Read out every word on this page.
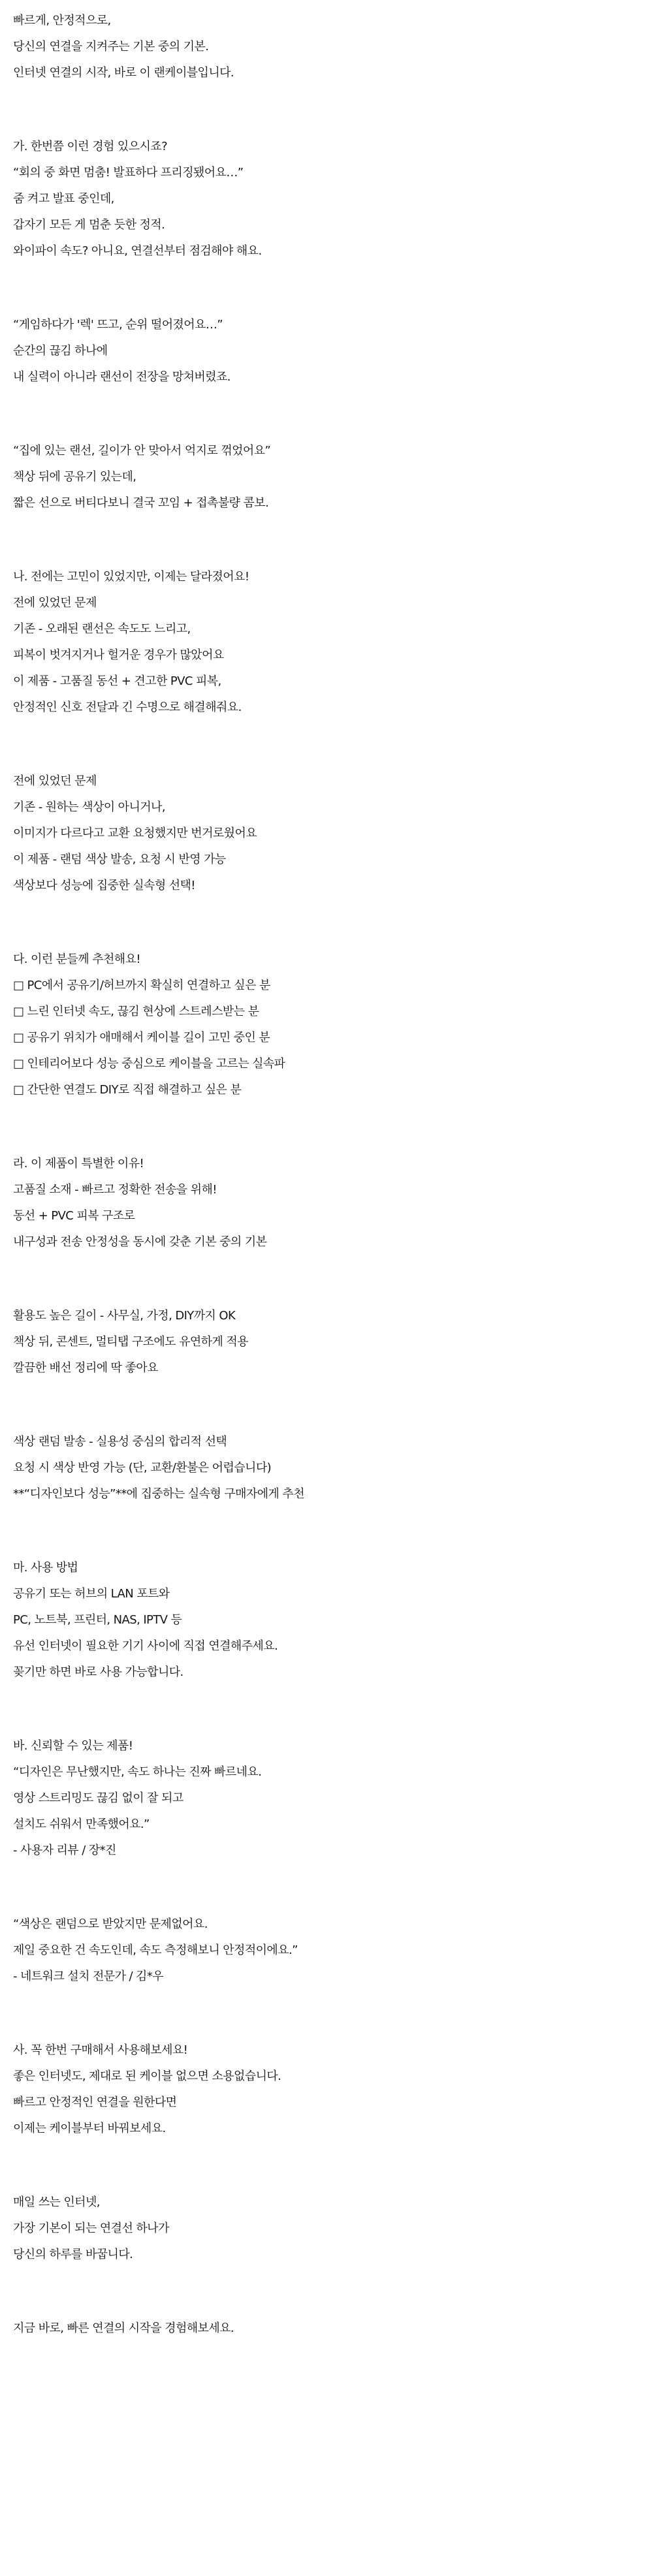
빠르게, 안정적으로,
당신의 연결을 지켜주는 기본 중의 기본.
인터넷 연결의 시작, 바로 이 랜케이블입니다.
가. 한번쯤 이런 경험 있으시죠?
“회의 중 화면 멈춤! 발표하다 프리징됐어요…”
줌 켜고 발표 중인데,
갑자기 모든 게 멈춘 듯한 정적.
와이파이 속도? 아니요, 연결선부터 점검해야 해요.
“게임하다가 '렉' 뜨고, 순위 떨어졌어요…”
순간의 끊김 하나에
내 실력이 아니라 랜선이 전장을 망쳐버렸죠.
“집에 있는 랜선, 길이가 안 맞아서 억지로 꺾었어요”
책상 뒤에 공유기 있는데,
짧은 선으로 버티다보니 결국 꼬임 + 접촉불량 콤보.
나. 전에는 고민이 있었지만, 이제는 달라졌어요!
전에 있었던 문제
기존 - 오래된 랜선은 속도도 느리고,
피복이 벗겨지거나 헐거운 경우가 많았어요
이 제품 - 고품질 동선 + 견고한 PVC 피복,
안정적인 신호 전달과 긴 수명으로 해결해줘요.
전에 있었던 문제
기존 - 원하는 색상이 아니거나,
이미지가 다르다고 교환 요청했지만 번거로웠어요
이 제품 - 랜덤 색상 발송, 요청 시 반영 가능
색상보다 성능에 집중한 실속형 선택!
다. 이런 분들께 추천해요!
□ PC에서 공유기/허브까지 확실히 연결하고 싶은 분
□ 느린 인터넷 속도, 끊김 현상에 스트레스받는 분
□ 공유기 위치가 애매해서 케이블 길이 고민 중인 분
□ 인테리어보다 성능 중심으로 케이블을 고르는 실속파
□ 간단한 연결도 DIY로 직접 해결하고 싶은 분
라. 이 제품이 특별한 이유!
고품질 소재 - 빠르고 정확한 전송을 위해!
동선 + PVC 피복 구조로
내구성과 전송 안정성을 동시에 갖춘 기본 중의 기본
활용도 높은 길이 - 사무실, 가정, DIY까지 OK
책상 뒤, 콘센트, 멀티탭 구조에도 유연하게 적용
깔끔한 배선 정리에 딱 좋아요
색상 랜덤 발송 - 실용성 중심의 합리적 선택
요청 시 색상 반영 가능 (단, 교환/환불은 어렵습니다)
**“디자인보다 성능”**에 집중하는 실속형 구매자에게 추천
마. 사용 방법
공유기 또는 허브의 LAN 포트와
PC, 노트북, 프린터, NAS, IPTV 등
유선 인터넷이 필요한 기기 사이에 직접 연결해주세요.
꽂기만 하면 바로 사용 가능합니다.
바. 신뢰할 수 있는 제품!
“디자인은 무난했지만, 속도 하나는 진짜 빠르네요.
영상 스트리밍도 끊김 없이 잘 되고
설치도 쉬워서 만족했어요.”
- 사용자 리뷰 / 장*진
“색상은 랜덤으로 받았지만 문제없어요.
제일 중요한 건 속도인데, 속도 측정해보니 안정적이에요.”
- 네트워크 설치 전문가 / 김*우
사. 꼭 한번 구매해서 사용해보세요!
좋은 인터넷도, 제대로 된 케이블 없으면 소용없습니다.
빠르고 안정적인 연결을 원한다면
이제는 케이블부터 바꿔보세요.
매일 쓰는 인터넷,
가장 기본이 되는 연결선 하나가
당신의 하루를 바꿉니다.
지금 바로, 빠른 연결의 시작을 경험해보세요.
